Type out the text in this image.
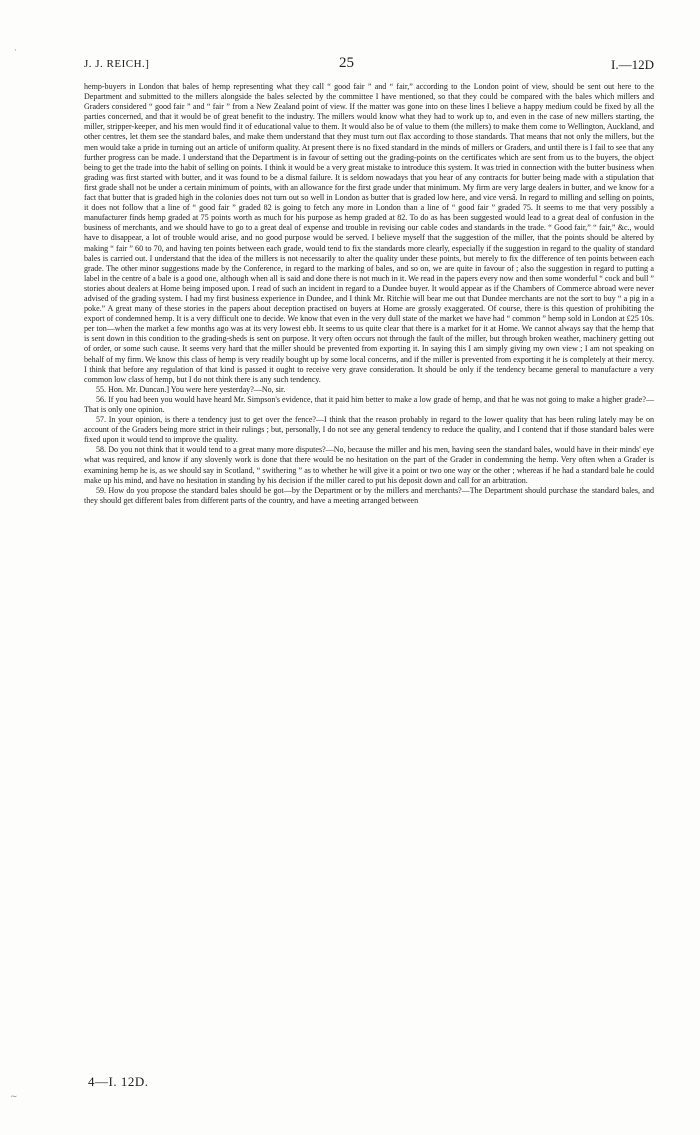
J. J. REICH.]	25	I.—12D

hemp-buyers in London that bales of hemp representing what they call “ good fair ” and “ fair,” according to the London point of view, should be sent out here to the Department and submitted to the millers alongside the bales selected by the committee I have mentioned, so that they could be compared with the bales which millers and Graders considered “ good fair ” and “ fair ” from a New Zealand point of view. If the matter was gone into on these lines I believe a happy medium could be fixed by all the parties concerned, and that it would be of great benefit to the industry. The millers would know what they had to work up to, and even in the case of new millers starting, the miller, stripper-keeper, and his men would find it of educational value to them. It would also be of value to them (the millers) to make them come to Wellington, Auckland, and other centres, let them see the standard bales, and make them understand that they must turn out flax according to those standards. That means that not only the millers, but the men would take a pride in turning out an article of uniform quality. At present there is no fixed standard in the minds of millers or Graders, and until there is I fail to see that any further progress can be made. I understand that the Department is in favour of setting out the grading-points on the certificates which are sent from us to the buyers, the object being to get the trade into the habit of selling on points. I think it would be a very great mistake to introduce this system. It was tried in connection with the butter business when grading was first started with butter, and it was found to be a dismal failure. It is seldom nowadays that you hear of any contracts for butter being made with a stipulation that first grade shall not be under a certain minimum of points, with an allowance for the first grade under that minimum. My firm are very large dealers in butter, and we know for a fact that butter that is graded high in the colonies does not turn out so well in London as butter that is graded low here, and vice versâ. In regard to milling and selling on points, it does not follow that a line of “ good fair ” graded 82 is going to fetch any more in London than a line of “ good fair ” graded 75. It seems to me that very possibly a manufacturer finds hemp graded at 75 points worth as much for his purpose as hemp graded at 82. To do as has been suggested would lead to a great deal of confusion in the business of merchants, and we should have to go to a great deal of expense and trouble in revising our cable codes and standards in the trade. “ Good fair,” “ fair,” &c., would have to disappear, a lot of trouble would arise, and no good purpose would be served. I believe myself that the suggestion of the miller, that the points should be altered by making “ fair ” 60 to 70, and having ten points between each grade, would tend to fix the standards more clearly, especially if the suggestion in regard to the quality of standard bales is carried out. I understand that the idea of the millers is not necessarily to alter the quality under these points, but merely to fix the difference of ten points between each grade. The other minor suggestions made by the Conference, in regard to the marking of bales, and so on, we are quite in favour of ; also the suggestion in regard to putting a label in the centre of a bale is a good one, although when all is said and done there is not much in it. We read in the papers every now and then some wonderful “ cock and bull ” stories about dealers at Home being imposed upon. I read of such an incident in regard to a Dundee buyer. It would appear as if the Chambers of Commerce abroad were never advised of the grading system. I had my first business experience in Dundee, and I think Mr. Ritchie will bear me out that Dundee merchants are not the sort to buy “ a pig in a poke.” A great many of these stories in the papers about deception practised on buyers at Home are grossly exaggerated. Of course, there is this question of prohibiting the export of condemned hemp. It is a very difficult one to decide. We know that even in the very dull state of the market we have had “ common ” hemp sold in London at £25 10s. per ton—when the market a few months ago was at its very lowest ebb. It seems to us quite clear that there is a market for it at Home. We cannot always say that the hemp that is sent down in this condition to the grading-sheds is sent on purpose. It very often occurs not through the fault of the miller, but through broken weather, machinery getting out of order, or some such cause. It seems very hard that the miller should be prevented from exporting it. In saying this I am simply giving my own view ; I am not speaking on behalf of my firm. We know this class of hemp is very readily bought up by some local concerns, and if the miller is prevented from exporting it he is completely at their mercy. I think that before any regulation of that kind is passed it ought to receive very grave consideration. It should be only if the tendency became general to manufacture a very common low class of hemp, but I do not think there is any such tendency.

55. Hon. Mr. Duncan.] You were here yesterday?—No, sir.

56. If you had been you would have heard Mr. Simpson's evidence, that it paid him better to make a low grade of hemp, and that he was not going to make a higher grade?—That is only one opinion.

57. In your opinion, is there a tendency just to get over the fence?—I think that the reason probably in regard to the lower quality that has been ruling lately may be on account of the Graders being more strict in their rulings ; but, personally, I do not see any general tendency to reduce the quality, and I contend that if those standard bales were fixed upon it would tend to improve the quality.

58. Do you not think that it would tend to a great many more disputes?—No, because the miller and his men, having seen the standard bales, would have in their minds' eye what was required, and know if any slovenly work is done that there would be no hesitation on the part of the Grader in condemning the hemp. Very often when a Grader is examining hemp he is, as we should say in Scotland, “ swithering ” as to whether he will give it a point or two one way or the other ; whereas if he had a standard bale he could make up his mind, and have no hesitation in standing by his decision if the miller cared to put his deposit down and call for an arbitration.

59. How do you propose the standard bales should be got—by the Department or by the millers and merchants?—The Department should purchase the standard bales, and they should get different bales from different parts of the country, and have a meeting arranged between

4—I. 12D.
·
~
